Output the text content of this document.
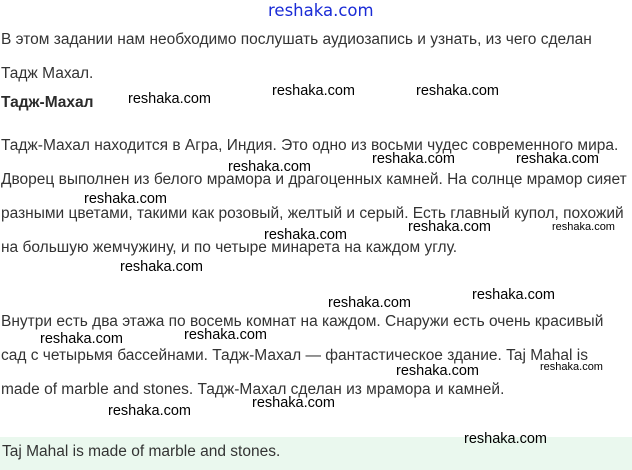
reshaka.com

В этом задании нам необходимо послушать аудиозапись и узнать, из чего сделан Тадж Махал.

Тадж-Махал

Тадж-Махал находится в Агра, Индия. Это одно из восьми чудес современного мира. Дворец выполнен из белого мрамора и драгоценных камней. На солнце мрамор сияет разными цветами, такими как розовый, желтый и серый. Есть главный купол, похожий на большую жемчужину, и по четыре минарета на каждом углу.

Внутри есть два этажа по восемь комнат на каждом. Снаружи есть очень красивый сад с четырьмя бассейнами. Тадж-Махал — фантастическое здание. Taj Mahal is made of marble and stones. Тадж-Махал сделан из мрамора и камней.

Taj Mahal is made of marble and stones.
reshaka.com	reshaka.com	reshaka.com
reshaka.com	reshaka.com	reshaka.com
reshaka.com
reshaka.com	reshaka.com
reshaka.com
reshaka.com
reshaka.com
reshaka.com
reshaka.com	reshaka.com
reshaka.com	reshaka.com
reshaka.com	reshaka.com
reshaka.com
